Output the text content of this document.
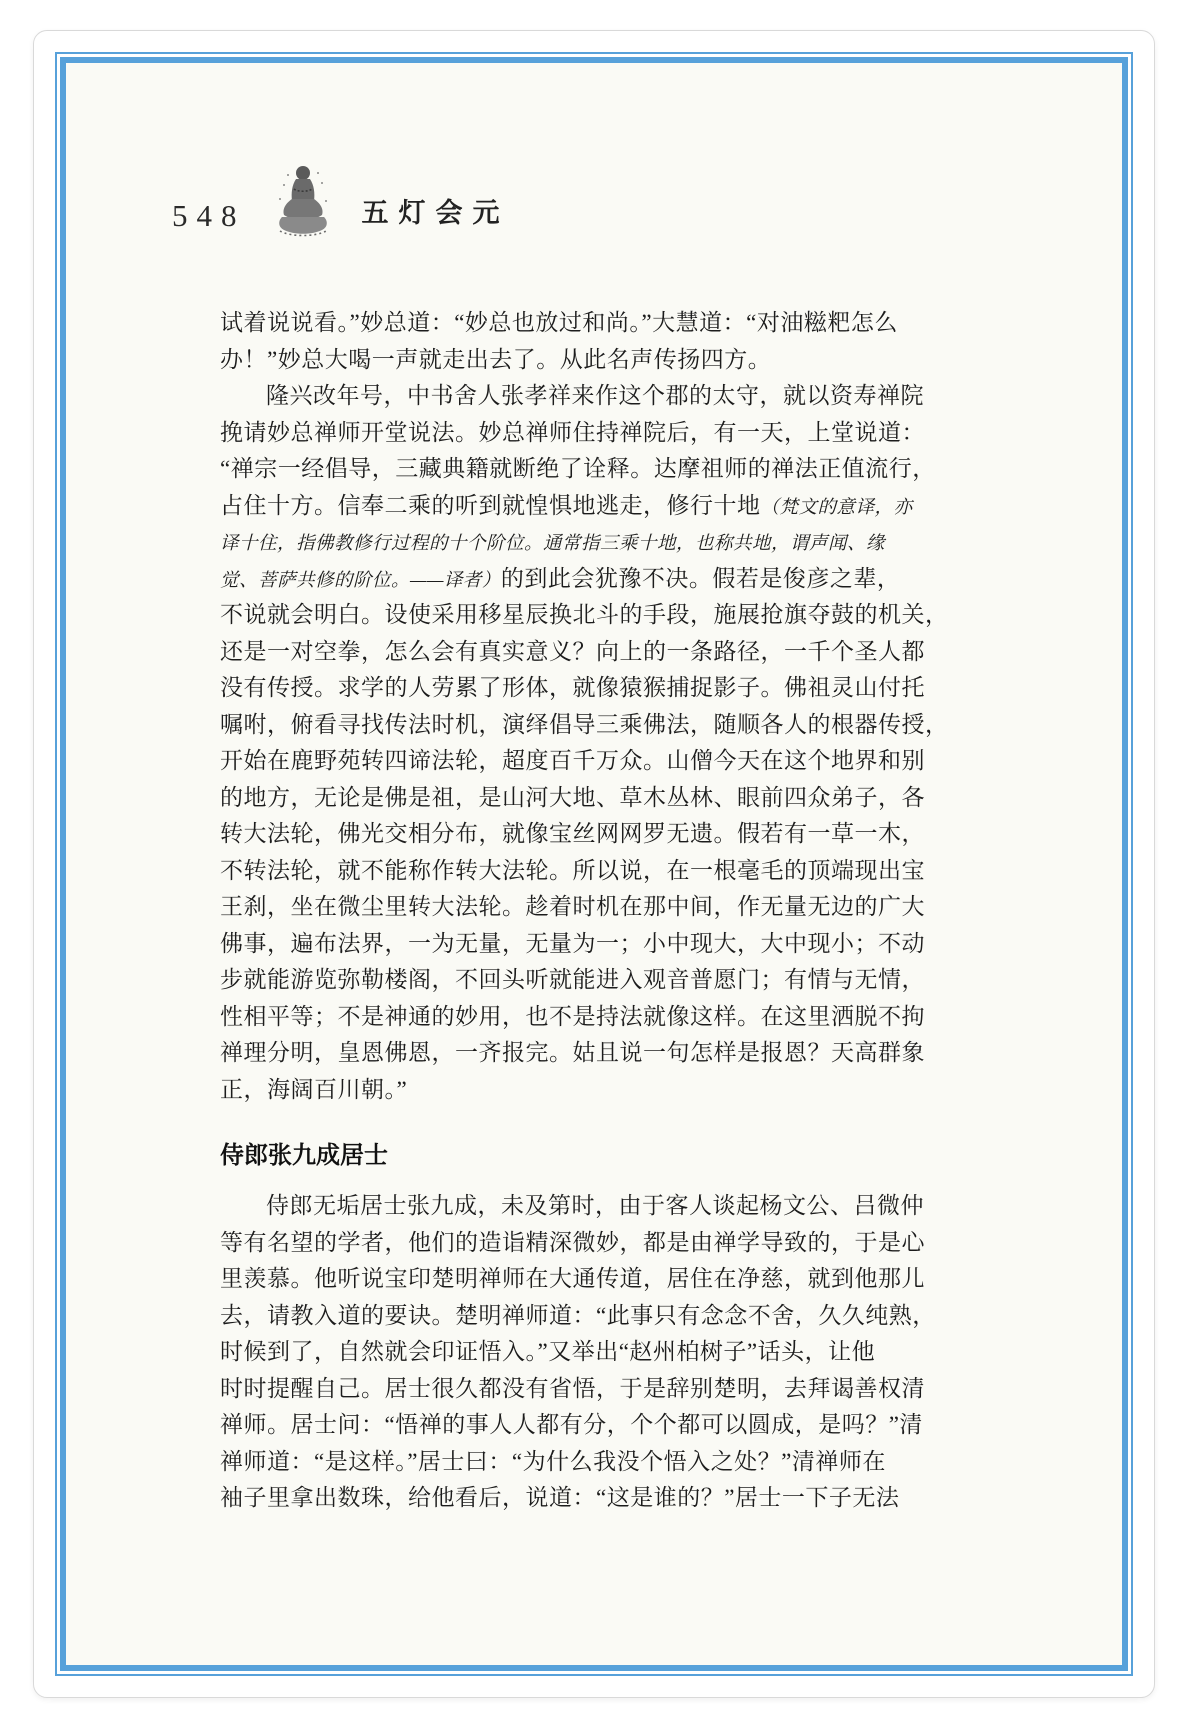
548	五灯会元
试着说说看。”妙总道：“妙总也放过和尚。”大慧道：“对油糍粑怎么
办！”妙总大喝一声就走出去了。从此名声传扬四方。
隆兴改年号，中书舍人张孝祥来作这个郡的太守，就以资寿禅院
挽请妙总禅师开堂说法。妙总禅师住持禅院后，有一天，上堂说道：
“禅宗一经倡导，三藏典籍就断绝了诠释。达摩祖师的禅法正值流行，
占住十方。信奉二乘的听到就惶惧地逃走，修行十地（梵文的意译，亦
译十住，指佛教修行过程的十个阶位。通常指三乘十地，也称共地，谓声闻、缘
觉、菩萨共修的阶位。——译者）的到此会犹豫不决。假若是俊彦之辈，
不说就会明白。设使采用移星辰换北斗的手段，施展抢旗夺鼓的机关，
还是一对空拳，怎么会有真实意义？向上的一条路径，一千个圣人都
没有传授。求学的人劳累了形体，就像猿猴捕捉影子。佛祖灵山付托
嘱咐，俯看寻找传法时机，演绎倡导三乘佛法，随顺各人的根器传授，
开始在鹿野苑转四谛法轮，超度百千万众。山僧今天在这个地界和别
的地方，无论是佛是祖，是山河大地、草木丛林、眼前四众弟子，各
转大法轮，佛光交相分布，就像宝丝网网罗无遗。假若有一草一木，
不转法轮，就不能称作转大法轮。所以说，在一根毫毛的顶端现出宝
王刹，坐在微尘里转大法轮。趁着时机在那中间，作无量无边的广大
佛事，遍布法界，一为无量，无量为一；小中现大，大中现小；不动
步就能游览弥勒楼阁，不回头听就能进入观音普愿门；有情与无情，
性相平等；不是神通的妙用，也不是持法就像这样。在这里洒脱不拘
禅理分明，皇恩佛恩，一齐报完。姑且说一句怎样是报恩？天高群象
正，海阔百川朝。”
侍郎张九成居士
侍郎无垢居士张九成，未及第时，由于客人谈起杨文公、吕微仲
等有名望的学者，他们的造诣精深微妙，都是由禅学导致的，于是心
里羡慕。他听说宝印楚明禅师在大通传道，居住在净慈，就到他那儿
去，请教入道的要诀。楚明禅师道：“此事只有念念不舍，久久纯熟，
时候到了，自然就会印证悟入。”又举出“赵州柏树子”话头，让他
时时提醒自己。居士很久都没有省悟，于是辞别楚明，去拜谒善权清
禅师。居士问：“悟禅的事人人都有分，个个都可以圆成，是吗？”清
禅师道：“是这样。”居士曰：“为什么我没个悟入之处？”清禅师在
袖子里拿出数珠，给他看后，说道：“这是谁的？”居士一下子无法
